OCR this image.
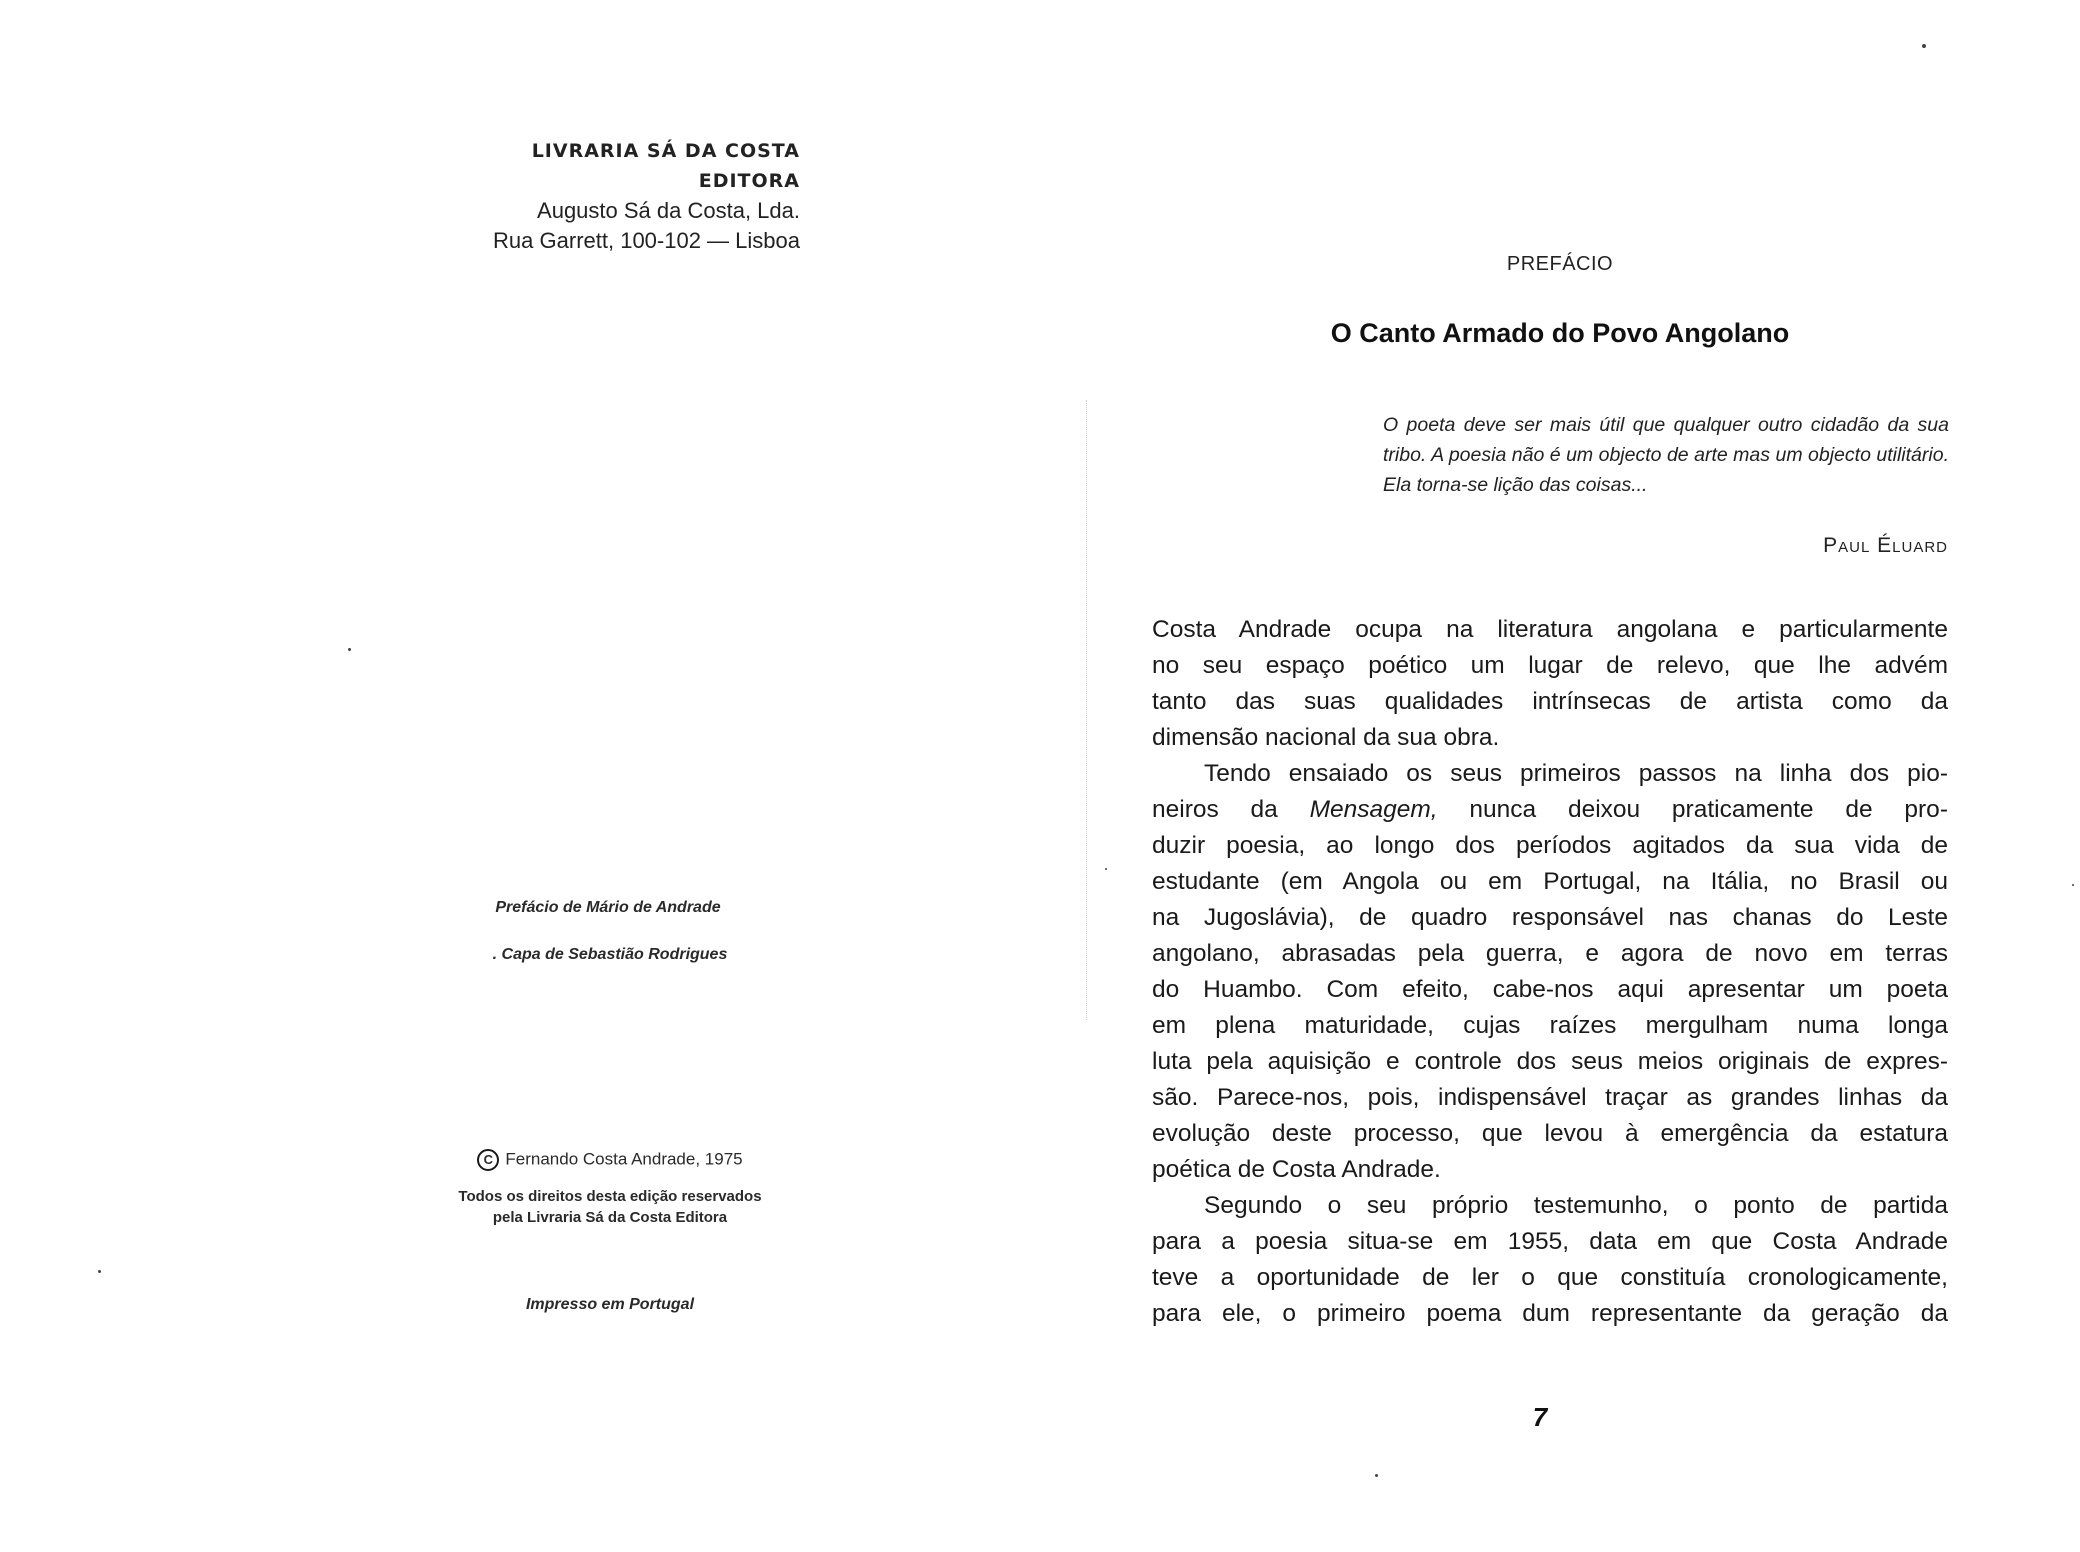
LIVRARIA SÁ DA COSTA EDITORA
Augusto Sá da Costa, Lda.
Rua Garrett, 100-102 — Lisboa
Prefácio de Mário de Andrade
. Capa de Sebastião Rodrigues
C Fernando Costa Andrade, 1975
Todos os direitos desta edição reservados
pela Livraria Sá da Costa Editora
Impresso em Portugal
PREFÁCIO
O Canto Armado do Povo Angolano
O poeta deve ser mais útil que qualquer outro cidadão da sua tribo. A poesia não é um objecto de arte mas um objecto utilitário. Ela torna-se lição das coisas...
Paul Éluard
Costa Andrade ocupa na literatura angolana e particularmente
no seu espaço poético um lugar de relevo, que lhe advém
tanto das suas qualidades intrínsecas de artista como da
dimensão nacional da sua obra.
Tendo ensaiado os seus primeiros passos na linha dos pio-
neiros da Mensagem, nunca deixou praticamente de pro-
duzir poesia, ao longo dos períodos agitados da sua vida de
estudante (em Angola ou em Portugal, na Itália, no Brasil ou
na Jugoslávia), de quadro responsável nas chanas do Leste
angolano, abrasadas pela guerra, e agora de novo em terras
do Huambo. Com efeito, cabe-nos aqui apresentar um poeta
em plena maturidade, cujas raízes mergulham numa longa
luta pela aquisição e controle dos seus meios originais de expres-
são. Parece-nos, pois, indispensável traçar as grandes linhas da
evolução deste processo, que levou à emergência da estatura
poética de Costa Andrade.
Segundo o seu próprio testemunho, o ponto de partida
para a poesia situa-se em 1955, data em que Costa Andrade
teve a oportunidade de ler o que constituía cronologicamente,
para ele, o primeiro poema dum representante da geração da
7
